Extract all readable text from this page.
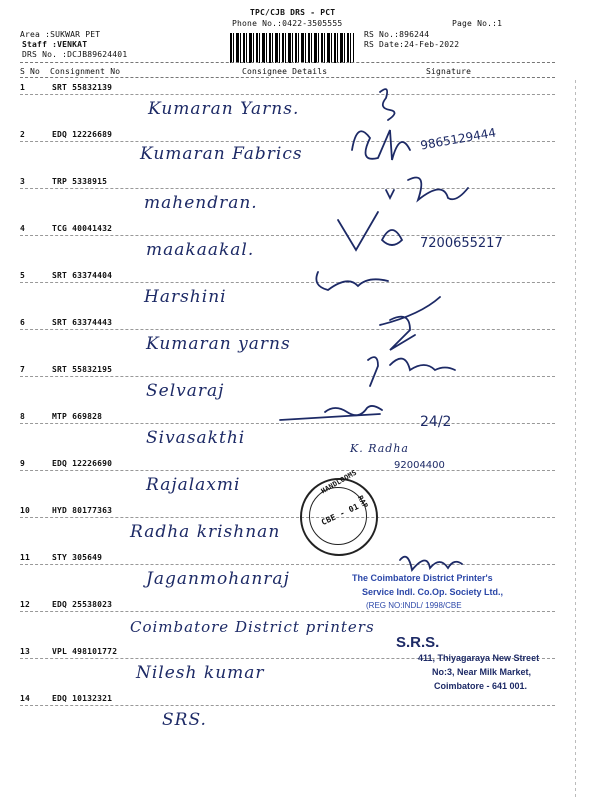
TPC/CJB DRS - PCT
Phone No.:0422-3505555	Page No.:1
Area :SUKWAR PET
Staff :VENKAT
DRS No. :DCJB89624401
RS No.:896244
RS Date:24-Feb-2022
S No Consignment No	Consignee Details	Signature
1	SRT 55832139
Kumaran Yarns.
2	EDQ 12226689
Kumaran Fabrics
3	TRP 5338915
mahendran.
4	TCG 40041432
maakaakal.
5	SRT 63374404
Harshini
6	SRT 63374443
Kumaran yarns
7	SRT 55832195
Selvaraj
8	MTP 669828
Sivasakthi
9	EDQ 12226690
Rajalaxmi
10	HYD 80177363
Radha krishnan
11	STY 305649
Jaganmohanraj
12	EDQ 25538023
Coimbatore District printers
13	VPL 498101772
Nilesh kumar
14	EDQ 10132321
SRS.
9865129444
7200655217
24/2
K. Radha
92004400
HANDLOOMS
RAP
CBE - 01
The Coimbatore District Printer's
Service Indl. Co.Op. Society Ltd.,
(REG NO:INDL/ 1998/CBE
S.R.S.
411, Thiyagaraya New Street
No:3, Near Milk Market,
Coimbatore - 641 001.
